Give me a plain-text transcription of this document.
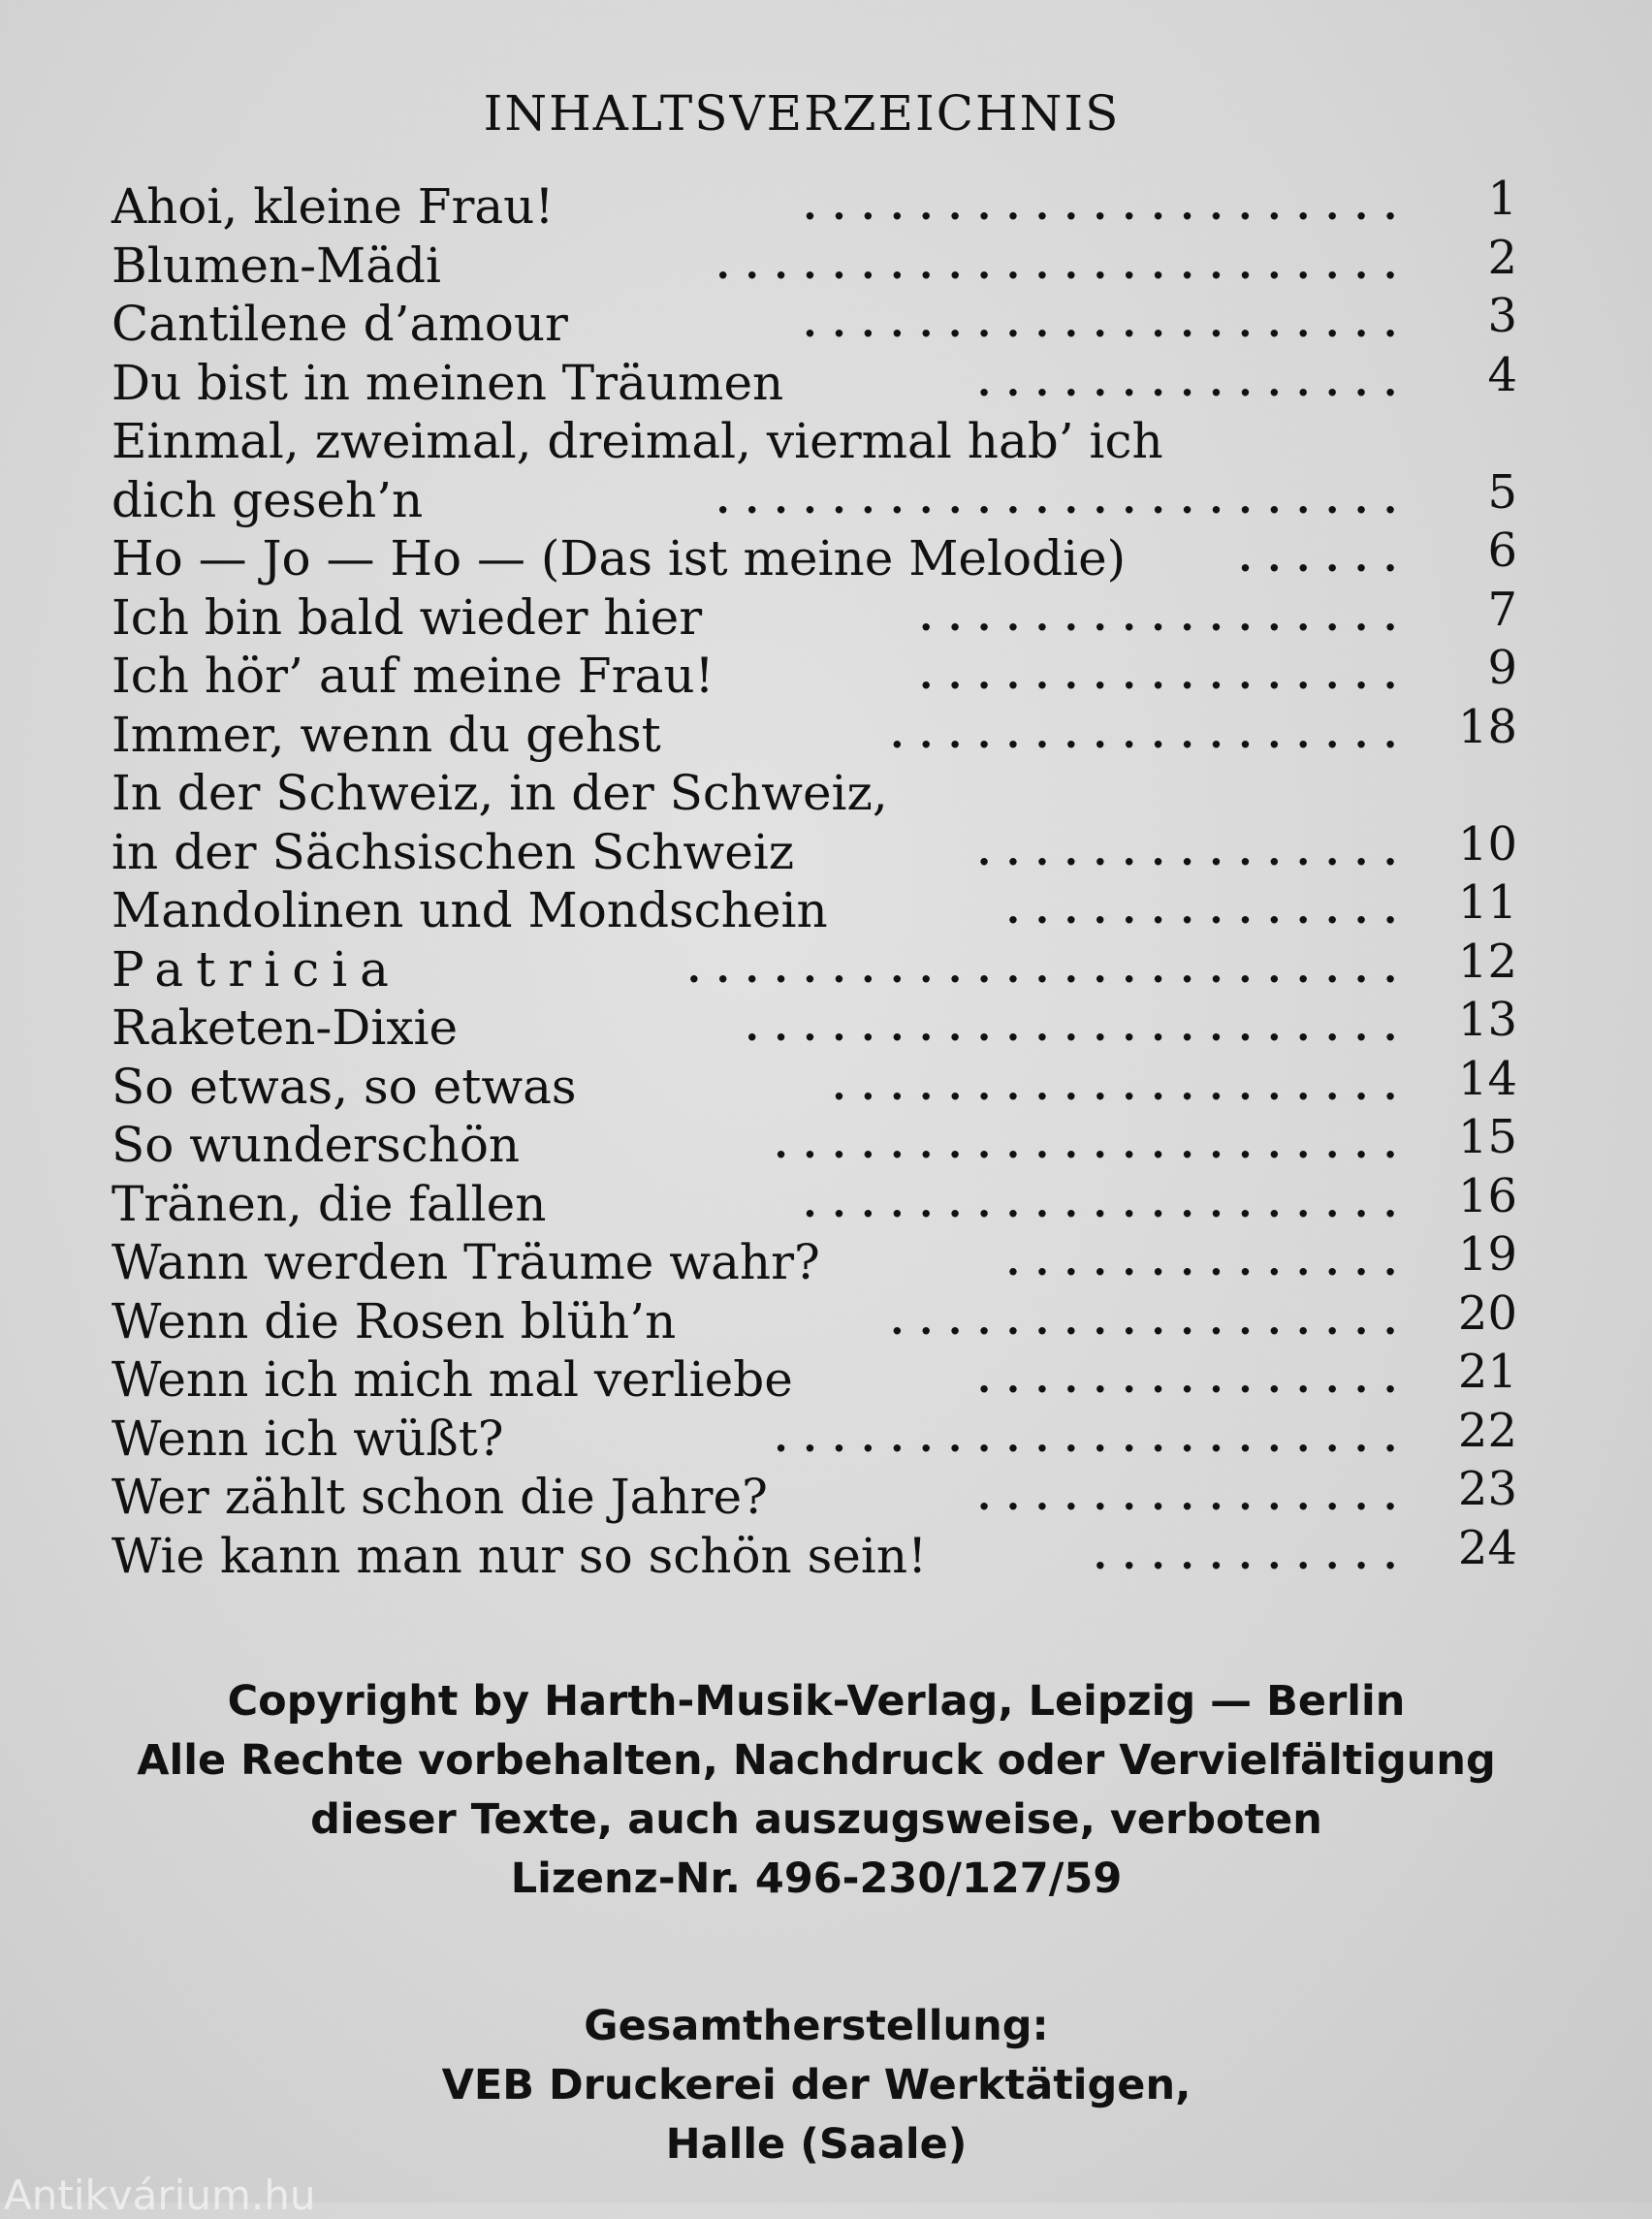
INHALTSVERZEICHNIS
Ahoi, kleine Frau!	.....................	1
Blumen-Mädi	........................	2
Cantilene d’amour	.....................	3
Du bist in meinen Träumen	...............	4
Einmal, zweimal, dreimal, viermal hab’ ich
dich geseh’n	........................	5
Ho — Jo — Ho — (Das ist meine Melodie)	......	6
Ich bin bald wieder hier	.................	7
Ich hör’ auf meine Frau!	.................	9
Immer, wenn du gehst	.................. 18
In der Schweiz, in der Schweiz,
in der Sächsischen Schweiz	............... 10
Mandolinen und Mondschein	.............. 11
Patricia	......................... 12
Raketen-Dixie	....................... 13
So etwas, so etwas	.................... 14
So wunderschön	...................... 15
Tränen, die fallen	..................... 16
Wann werden Träume wahr?	.............. 19
Wenn die Rosen blüh’n	.................. 20
Wenn ich mich mal verliebe	............... 21
Wenn ich wüßt?	...................... 22
Wer zählt schon die Jahre?	............... 23
Wie kann man nur so schön sein!	........... 24
Copyright by Harth-Musik-Verlag, Leipzig — Berlin
Alle Rechte vorbehalten, Nachdruck oder Vervielfältigung
dieser Texte, auch auszugsweise, verboten
Lizenz-Nr. 496-230/127/59
Gesamtherstellung:
VEB Druckerei der Werktätigen,
Halle (Saale)
Antikvárium.hu
